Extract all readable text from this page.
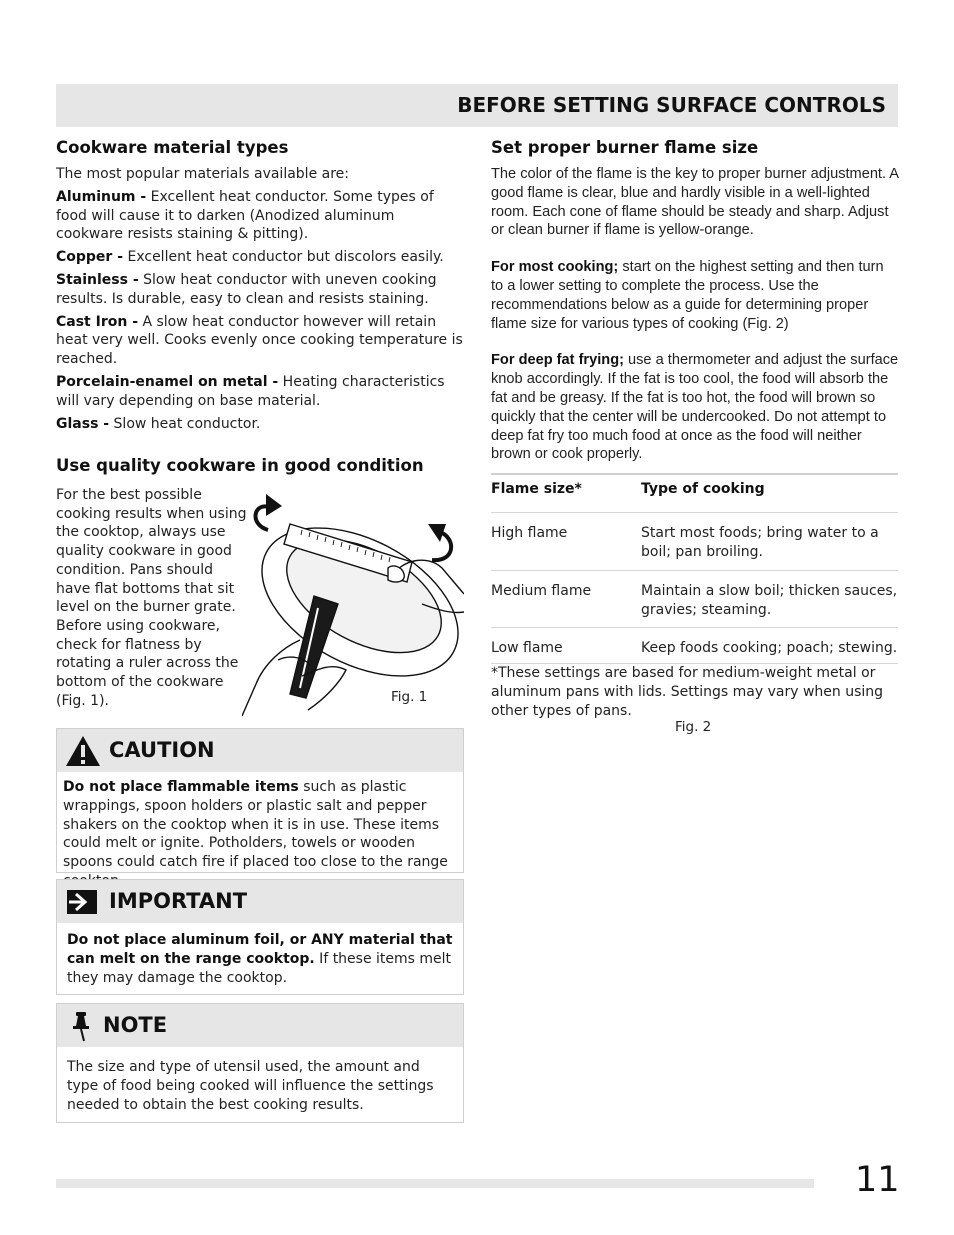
BEFORE SETTING SURFACE CONTROLS
Cookware material types

The most popular materials available are:

Aluminum - Excellent heat conductor. Some types of food will cause it to darken (Anodized aluminum cookware resists staining & pitting).

Copper - Excellent heat conductor but discolors easily.

Stainless - Slow heat conductor with uneven cooking results. Is durable, easy to clean and resists staining.

Cast Iron - A slow heat conductor however will retain heat very well. Cooks evenly once cooking temperature is reached.

Porcelain-enamel on metal - Heating characteristics will vary depending on base material.

Glass - Slow heat conductor.

Use quality cookware in good condition
For the best possible cooking results when using the cooktop, always use quality cookware in good condition. Pans should have flat bottoms that sit level on the burner grate. Before using cookware, check for flatness by rotating a ruler across the bottom of the cookware (Fig. 1).	Fig. 1
CAUTION
Do not place flammable items such as plastic wrappings, spoon holders or plastic salt and pepper shakers on the cooktop when it is in use. These items could melt or ignite. Potholders, towels or wooden spoons could catch fire if placed too close to the range
IMPORTANT
Do not place aluminum foil, or ANY material that can melt on the range cooktop. If these items melt they may damage the cooktop.
NOTE
The size and type of utensil used, the amount and type of food being cooked will influence the settings needed to obtain the best cooking results.
Set proper burner flame size

The color of the flame is the key to proper burner adjustment. A good flame is clear, blue and hardly visible in a well-lighted room. Each cone of flame should be steady and sharp. Adjust or clean burner if flame is yellow-orange.

For most cooking; start on the highest setting and then turn to a lower setting to complete the process. Use the recommendations below as a guide for determining proper flame size for various types of cooking (Fig. 2)

For deep fat frying; use a thermometer and adjust the surface knob accordingly. If the fat is too cool, the food will absorb the fat and be greasy. If the fat is too hot, the food will brown so quickly that the center will be undercooked. Do not attempt to deep fat fry too much food at once as the food will neither brown or cook properly.

Flame size*	Type of cooking
High flame	Start most foods; bring water to a boil; pan broiling.
Medium flame	Maintain a slow boil; thicken sauces, gravies; steaming.
Low flame	Keep foods cooking; poach; stewing.
*These settings are based for medium-weight metal or aluminum pans with lids. Settings may vary when using other types of pans.
Fig. 2
11
